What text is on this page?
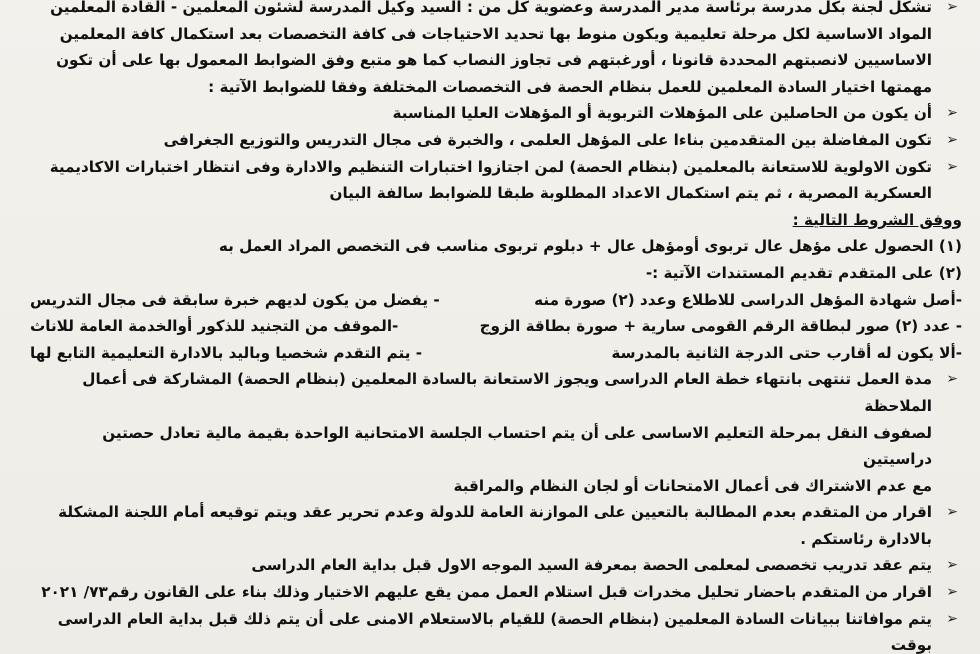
➢
تشكل لجنة بكل مدرسة برئاسة مدير المدرسة وعضوية كل من : السيد وكيل المدرسة لشئون المعلمين - القادة المعلمين
المواد الاساسية لكل مرحلة تعليمية ويكون منوط بها تحديد الاحتياجات فى كافة التخصصات بعد استكمال كافة المعلمين
الاساسيين لانصبتهم المحددة قانونا ، أورغبتهم فى تجاوز النصاب كما هو متبع وفق الضوابط المعمول بها على أن تكون
مهمتها اختيار السادة المعلمين للعمل بنظام الحصة فى التخصصات المختلفة وفقا للضوابط الآتية :
➢
أن يكون من الحاصلين على المؤهلات التربوية أو المؤهلات العليا المناسبة
➢
تكون المفاضلة بين المتقدمين بناءا على المؤهل العلمى ، والخبرة فى مجال التدريس والتوزيع الجغرافى
➢
تكون الاولوية للاستعانة بالمعلمين (بنظام الحصة) لمن اجتازوا اختبارات التنظيم والادارة وفى انتظار اختبارات الاكاديمية
العسكرية المصرية ، ثم يتم استكمال الاعداد المطلوبة طبقا للضوابط سالفة البيان
ووفق الشروط التالية :
(١) الحصول على مؤهل عال تربوى أومؤهل عال + دبلوم تربوى مناسب فى التخصص المراد العمل به
(٢) على المتقدم تقديم المستندات الآتية :-
-أصل شهادة المؤهل الدراسى للاطلاع وعدد (٢) صورة منه
- يفضل من يكون لديهم خبرة سابقة فى مجال التدريس
- عدد (٢) صور لبطاقة الرقم القومى سارية + صورة بطاقة الزوج
-الموقف من التجنيد للذكور أوالخدمة العامة للاناث
-ألا يكون له أقارب حتى الدرجة الثانية بالمدرسة
- يتم التقدم شخصيا وباليد بالادارة التعليمية التابع لها
➢
مدة العمل تنتهى بانتهاء خطة العام الدراسى ويجوز الاستعانة بالسادة المعلمين (بنظام الحصة) المشاركة فى أعمال الملاحظة
لصفوف النقل بمرحلة التعليم الاساسى على أن يتم احتساب الجلسة الامتحانية الواحدة بقيمة مالية تعادل حصتين دراسيتين
مع عدم الاشتراك فى أعمال الامتحانات أو لجان النظام والمراقبة
➢
اقرار من المتقدم بعدم المطالبة بالتعيين على الموازنة العامة للدولة وعدم تحرير عقد ويتم توقيعه أمام اللجنة المشكلة
بالادارة رئاستكم .
➢
يتم عقد تدريب تخصصى لمعلمى الحصة بمعرفة السيد الموجه الاول قبل بداية العام الدراسى
➢
اقرار من المتقدم باحضار تحليل مخدرات قبل استلام العمل ممن يقع عليهم الاختيار وذلك بناء على القانون رقم٧٣/ ٢٠٢١
➢
يتم موافاتنا ببيانات السادة المعلمين (بنظام الحصة) للقيام بالاستعلام الامنى على أن يتم ذلك قبل بداية العام الدراسى بوقت
